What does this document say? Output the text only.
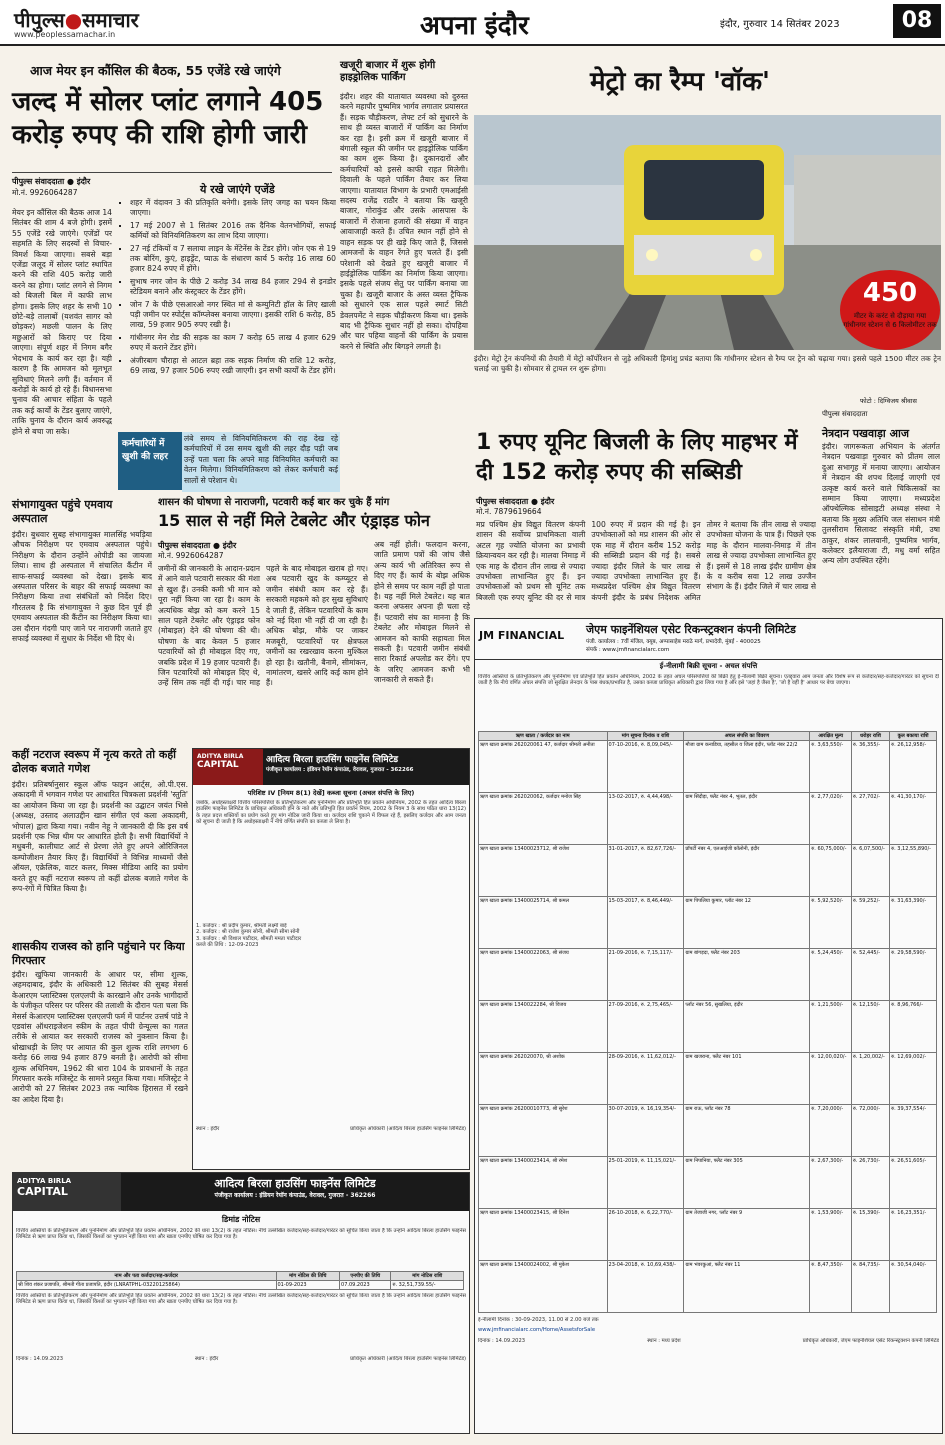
पीपुल्स●समाचार
www.peoplessamachar.in	अपना इंदौर	इंदौर, गुरुवार 14 सितंबर 2023	08
आज मेयर इन कौंसिल की बैठक, 55 एजेंडे रखे जाएंगे
जल्द में सोलर प्लांट लगाने 405 करोड़ रुपए की राशि होगी जारी
पीपुल्स संवाददाता ● इंदौर
मो.नं. 9926064287
मेयर इन कौंसिल की बैठक आज 14 सितंबर की शाम 4 बजे होगी। इसमें 55 एजेंडे रखे जाएंगे। एजेंडों पर सहमति के लिए सदस्यों से विचार-विमर्श किया जाएगा। सबसे बड़ा एजेंडा जलूद में सोलर प्लांट स्थापित करने की राशि 405 करोड़ जारी करने का होगा। प्लांट लगने से निगम को बिजली बिल में काफी लाभ होगा। इसके लिए शहर के सभी 10 छोटे-बड़े तालाबों (यशवंत सागर को छोड़कर) मछली पालन के लिए मछुआरों को किराए पर दिया जाएगा। संपूर्ण शहर में निगम बगैर भेदभाव के कार्य कर रहा है। यही कारण है कि आमजन को मूलभूत सुविधाएं मिलने लगी हैं। वर्तमान में करोड़ों के कार्य हो रहे हैं। विधानसभा चुनाव की आचार संहिता के पहले तक कई कार्यों के टेंडर बुलाए जाएंगे, ताकि चुनाव के दौरान कार्य अवरुद्ध होने से बचा जा सके।
ये रखे जाएंगे एजेंडे
▪ शहर में वंदावन 3 की प्रतिकृति बनेगी। इसके लिए जगह का चयन किया जाएगा।
▪ 17 मई 2007 से 1 सितंबर 2016 तक दैनिक वेतनभोगियों, सफाई कर्मियों को विनियमितिकरण का लाभ दिया जाएगा।
▪ 27 नई टंकियों व 7 सलाया लाइन के मेंटेनेंस के टेंडर होंगे। जोन एक से 19 तक बोरिंग, कुएं, हाइड्रेंट, प्याऊ के संधारण कार्य 5 करोड़ 16 लाख 60 हजार 824 रुपए में होंगे।
▪ सुभाष नगर जोन के पीछे 2 करोड़ 34 लाख 84 हजार 294 से इनडोर स्टेडियम बनाने और कंस्ट्रक्टर के टेंडर होंगे।
▪ जोन 7 के पीछे एसआरओ नगर स्थित मां से कम्युनिटी हॉल के लिए खाली पड़ी जमीन पर स्पोर्ट्स कॉम्प्लेक्स बनाया जाएगा। इसकी राशि 6 करोड़, 85 लाख, 59 हजार 905 रुपए रखी है।
▪ गांधीनगर मेन रोड की सड़क का काम 7 करोड़ 65 लाख 4 हजार 629 रुपए में कराने टेंडर होंगे।
▪ अंजीरबाग चौराहा से आटल ब्रहा तक सड़क निर्माण की राशि 12 करोड़, 69 लाख, 97 हजार 506 रुपए रखी जाएगी। इन सभी कार्यों के टेंडर होंगे।
कर्मचारियों में खुशी की लहर
लंबे समय से विनियमितिकरण की राह देख रहे कर्मचारियों में उस समय खुशी की लहर दौड़ पड़ी जब उन्हें पता चला कि अपने माह विनियमित कर्मचारी का वेतन मिलेगा। विनियमितिकरण को लेकर कर्मचारी कई सालों से परेशान थे।
खजूरी बाजार में शुरू होगी हाइड्रोलिक पार्किंग
इंदौर। शहर की यातायात व्यवस्था को दुरुस्त करने महापौर पुष्यमित्र भार्गव लगातार प्रयासरत हैं। सड़क चौड़ीकरण, लेफ्ट टर्न को सुधारने के साथ ही व्यस्त बाजारों में पार्किंग का निर्माण कर रहा है। इसी क्रम में खजूरी बाजार में बंगाली स्कूल की जमीन पर हाइड्रोलिक पार्किंग का काम शुरू किया है। दुकानदारों और कर्मचारियों को इससे काफी राहत मिलेगी। दिवाली के पहले पार्किंग तैयार कर लिया जाएगा। यातायात विभाग के प्रभारी एमआईसी सदस्य राजेंद्र राठौर ने बताया कि खजूरी बाजार, गोराकुंड और उसके आसपास के बाजारों में रोजाना हजारों की संख्या में वाहन आवाजाही करते हैं। उचित स्थान नहीं होने से वाहन सड़क पर ही खड़े किए जाते हैं, जिससे आमजनों के वाहन रेंगते हुए चलते हैं। इसी परेशानी को देखते हुए खजूरी बाजार में हाईड्रोलिक पार्किंग का निर्माण किया जाएगा। इसके पहले संजय सेतु पर पार्किंग बनाया जा चुका है। खजूरी बाजार के अस्त व्यस्त ट्रैफिक को सुधारने एक साल पहले स्मार्ट सिटी डेवलपमेंट ने सड़क चौड़ीकरण किया था। इसके बाद भी ट्रैफिक सुधार नहीं हो सका। दोपहिया और चार पहिया वाहनों की पार्किंग के प्रयास करने से स्थिति और बिगड़ने लगती है।
मेट्रो का रैम्प 'वॉक'
450
मीटर के करंट से दौड़ाया गया गांधीनगर स्टेशन से 6 किलोमीटर तक
इंदौर। मेट्रो ट्रेन कंपनियों की तैयारी में मेट्रो कॉर्पोरेशन से जुड़े अधिकारी हिमांशु प्रचंड बताया कि गांधीनगर स्टेशन से रैम्प पर ट्रेन को चढ़ाया गया। इससे पहले 1500 मीटर तक ट्रेन चलाई जा चुकी है। सोमवार से ट्रायल रन शुरू होगा।
फोटो : दिग्विजय श्रीवास
1 रुपए यूनिट बिजली के लिए माहभर में दी 152 करोड़ रुपए की सब्सिडी
पीपुल्स संवाददाता ● इंदौर
मो.नं. 7879619664
मप्र पश्चिम क्षेत्र विद्युत वितरण कंपनी शासन की सर्वोच्च प्राथमिकता वाली अटल गृह ज्योति योजना का प्रभावी क्रियान्वयन कर रही है। मालवा निमाड़ में एक माह के दौरान तीन लाख से ज्यादा उपभोक्ता लाभान्वित हुए हैं। इन उपभोक्ताओं को प्रथम सौ यूनिट तक बिजली एक रुपए यूनिट की दर से मात्र 100 रुपए में प्रदान की गई है। इन उपभोक्ताओं को मप्र शासन की ओर से एक माह में दौरान करीब 152 करोड़ की सब्सिडी प्रदान की गई है। सबसे ज्यादा इंदौर जिले के चार लाख से ज्यादा उपभोक्ता लाभान्वित हुए हैं। मध्यप्रदेश पश्चिम क्षेत्र विद्युत वितरण कंपनी इंदौर के प्रबंध निदेशक अमित तोमर ने बताया कि तीन लाख से ज्यादा उपभोक्ता योजना के पात्र हैं। पिछले एक माह के दौरान मालवा-निमाड़ में तीन लाख से ज्यादा उपभोक्ता लाभान्वित हुए हैं। इसमें से 18 लाख इंदौर ग्रामीण क्षेत्र के व करीब सवा 12 लाख उज्जैन संभाग के हैं। इंदौर जिले में चार लाख से
पीपुल्स संवाददाता
नेत्रदान पखवाड़ा आज
इंदौर। जागरूकता अभियान के अंतर्गत नेत्रदान पखवाड़ा गुरुवार को प्रीतम लाल दुआ सभागृह में मनाया जाएगा। आयोजन में नेत्रदान की शपथ दिलाई जाएगी एवं उत्कृष्ट कार्य करने वाले चिकित्सकों का सम्मान किया जाएगा। मध्यप्रदेश ऑफ्थेल्मिक सोसाइटी अध्यक्ष संस्था ने बताया कि मुख्य अतिथि जल संसाधन मंत्री तुलसीराम सिलावट संस्कृति मंत्री, उषा ठाकुर, शंकर लालवानी, पुष्यमित्र भार्गव, कलेक्टर इलैयाराजा टी, मधु वर्मा सहित अन्य लोग उपस्थित रहेंगे।
संभागायुक्त पहुंचे एमवाय अस्पताल
इंदौर। बुधवार सुबह संभागायुक्त मालसिंह भयड़िया औचक निरीक्षण पर एमवाय अस्पताल पहुंचे। निरीक्षण के दौरान उन्होंने ओपीडी का जायजा लिया। साथ ही अस्पताल में संचालित कैंटीन में साफ-सफाई व्यवस्था को देखा। इसके बाद अस्पताल परिसर के बाहर की सफाई व्यवस्था का निरीक्षण किया तथा संबंधितों को निर्देश दिए। गौरतलब है कि संभागायुक्त ने कुछ दिन पूर्व ही एमवाय अस्पताल की कैंटीन का निरीक्षण किया था। उस दौरान गंदगी पाए जाने पर नाराजगी जताते हुए सफाई व्यवस्था में सुधार के निर्देश भी दिए थे।
शासन की घोषणा से नाराजगी, पटवारी कई बार कर चुके हैं मांग
15 साल से नहीं मिले टेबलेट और एंड्राइड फोन
पीपुल्स संवाददाता ● इंदौर
मो.नं. 9926064287
जमीनों की जानकारी के आदान-प्रदान में आने वाले पटवारी सरकार की मंशा से खुश हैं। उनकी कमी भी मान को पूरा नहीं किया जा रहा है। काम के अत्यधिक बोझ को कम करने 15 साल पहले टेबलेट और एंड्राइड फोन (मोबाइल) देने की घोषणा की थी। घोषणा के बाद केवल 5 हजार पटवारियों को ही मोबाइल दिए गए, जबकि प्रदेश में 19 हजार पटवारी हैं। जिन पटवारियों को मोबाइल दिए थे, उन्हें सिम तक नहीं दी गई। चार माह पहले के बाद मोबाइल खराब हो गए। अब पटवारी खुद के कम्प्यूटर से जमीन संबंधी काम कर रहे हैं। सरकारी महकमे को हर सुख सुविधाएं दे जाती हैं, लेकिन पटवारियों के काम को नई दिशा भी नहीं दी जा रही है। अधिक बोझ, मौके पर जाकर मजबूरी, पटवारियों पर क्षेत्रफल जमीनों का रखरखाव करना मुश्किल हो रहा है। खतौनी, बैनामे, सीमांकन, नामांतरण, खसरे आदि कई काम होने हैं।
अब नहीं होती। फलदान करना, जाति प्रमाण पत्रों की जांच जैसे अन्य कार्य भी अतिरिक्त रूप से दिए गए हैं। कार्य के बोझ अधिक होने से समय पर काम नहीं हो पाता है। यह नहीं मिले टेबलेट। यह बात करना अफसर अपना ही चला रहे हैं। पटवारी संघ का मानना है कि टेबलेट और मोबाइल मिलने से आमजन को काफी सहायता मिल सकती है। पटवारी जमीन संबंधी सारा रिकार्ड अपलोड कर देंगे। एप के जरिए आमजन कभी भी जानकारी ले सकते हैं।
कहीं नटराज स्वरूप में नृत्य करते तो कहीं ढोलक बजाते गणेश
इंदौर। प्रतिबर्षानुसार स्कूल ऑफ फाइन आर्ट्स, ओ.पी.एस. अकादमी में भगवान गणेश पर आधारित चित्रकला प्रदर्शनी 'स्तुति' का आयोजन किया जा रहा है। प्रदर्शनी का उद्घाटन जयंत भिसे (अध्यक्ष, उस्ताद अलाउद्दीन खान संगीत एवं कला अकादमी, भोपाल) द्वारा किया गया। नवीन नेहू ने जानकारी दी कि इस वर्ष प्रदर्शनी एक भिन्न थीम पर आधारित होती है। सभी विद्यार्थियों ने मधुबनी, कालीघाट आर्ट से प्रेरणा लेते हुए अपने ओरिजिनल कम्पोजीशन तैयार किए हैं। विद्यार्थियों ने विभिन्न माध्यमों जैसे ऑयल, एक्रेलिक, वाटर कलर, मिक्स मीडिया आदि का प्रयोग करते हुए कहीं नटराज स्वरूप तो कहीं ढोलक बजाते गणेश के रूप-रंगों में चित्रित किया है।
शासकीय राजस्व को हानि पहुंचाने पर किया गिरफ्तार
इंदौर। खुफिया जानकारी के आधार पर, सीमा शुल्क, अहमदाबाद, इंदौर के अधिकारी 12 सितंबर की सुबह मेसर्स केआरएम प्लास्टिक्स एलएलपी के कारखाने और उनके भागीदारों के पंजीकृत परिसर पर परिसर की तलाशी के दौरान पता चला कि मेसर्स केआरएम प्लास्टिक्स एलएलपी फर्म में पार्टनर उत्तर्ष पांडे ने एडवांस ऑथराइजेशन स्कीम के तहत पीपी ग्रेन्यूल्स का गलत तरीके से आयात कर सरकारी राजस्व को नुकसान किया है। धोखाधड़ी के लिए पर आयात की कुल शुल्क राशि लगभग 6 करोड़ 66 लाख 94 हजार 879 बनती है। आरोपी को सीमा शुल्क अधिनियम, 1962 की धारा 104 के प्रावधानों के तहत गिरफ्तार करके मजिस्ट्रेट के सामने प्रस्तुत किया गया। मजिस्ट्रेट ने आरोपी को 27 सितंबर 2023 तक न्यायिक हिरासत में रखने का आदेश दिया है।
ADITYA BIRLA
CAPITAL	आदित्य बिरला हाउसिंग फाइनेंस लिमिटेड
पंजीकृत कार्यालय : इंडियन रेयॉन कंपाउंड, वेरावल, गुजरात - 362266
परिशिष्ट IV [नियम 8(1) देखें] कब्जा सूचना (अचल संपत्ति के लिए)
जबकि, अधोहस्ताक्षरी वित्तीय परिसंपत्तियों के प्रतिभूतिकरण और पुनर्निर्माण और प्रतिभूति हित प्रवर्तन अधिनियम, 2002 के तहत आदित्य बिरला हाउसिंग फाइनेंस लिमिटेड के प्राधिकृत अधिकारी होने के नाते और प्रतिभूति हित प्रवर्तन नियम, 2002 के नियम 3 के साथ पठित धारा 13(12) के तहत प्रदत्त शक्तियों का प्रयोग करते हुए मांग नोटिस जारी किया था। कर्जदार राशि चुकाने में विफल रहे हैं, इसलिए कर्जदार और आम जनता को सूचना दी जाती है कि अधोहस्ताक्षरी ने नीचे वर्णित संपत्ति का कब्जा ले लिया है।
1. कर्जदार : श्री प्रदीप कुमार, श्रीमती लक्ष्मी बाई
2. कर्जदार : श्री राजेश कुमार सोनी, श्रीमती सीमा सोनी
3. कर्जदार : श्री विशाल पाटीदार, श्रीमती ममता पाटीदार
कब्जे की तिथि : 12-09-2023
स्थान : इंदौर	प्राधिकृत अधिकारी (आदित्य बिरला हाउसिंग फाइनेंस लिमिटेड)
ADITYA BIRLA
CAPITAL
आदित्य बिरला हाउसिंग फाइनेंस लिमिटेड
पंजीकृत कार्यालय : इंडियन रेयॉन कंपाउंड, वेरावल, गुजरात - 362266
डिमांड नोटिस
वित्तीय आस्तियों के प्रतिभूतिकरण और पुनर्निर्माण और प्रतिभूति हित प्रवर्तन अधिनियम, 2002 की धारा 13(2) के तहत नोटिस। नीचे उल्लेखित कर्जदार/सह-कर्जदार/गारंटर को सूचित किया जाता है कि उन्होंने आदित्य बिरला हाउसिंग फाइनेंस लिमिटेड से ऋण प्राप्त किया था, जिसकी किश्तों का भुगतान नहीं किया गया और खाता एनपीए घोषित कर दिया गया है।
नाम और पता कर्जदार/सह-कर्जदार	मांग नोटिस की तिथि	एनपीए की तिथि	मांग नोटिस राशि
श्री शिव शंकर प्रजापति, श्रीमती गीता प्रजापति, इंदौर (LNRATPHL-03220125864)	01-09-2023	07.09.2023	रु. 32,51,739.55/-
वित्तीय आस्तियों के प्रतिभूतिकरण और पुनर्निर्माण और प्रतिभूति हित प्रवर्तन अधिनियम, 2002 की धारा 13(2) के तहत नोटिस। नीचे उल्लेखित कर्जदार/सह-कर्जदार/गारंटर को सूचित किया जाता है कि उन्होंने आदित्य बिरला हाउसिंग फाइनेंस लिमिटेड से ऋण प्राप्त किया था, जिसकी किश्तों का भुगतान नहीं किया गया और खाता एनपीए घोषित कर दिया गया है।
दिनांक : 14.09.2023	स्थान : इंदौर	प्राधिकृत अधिकारी (आदित्य बिरला हाउसिंग फाइनेंस लिमिटेड)
JM FINANCIAL	जेएम फाइनेंशियल एसेट रिकन्स्ट्रक्शन कंपनी लिमिटेड
पंजी. कार्यालय : 7वीं मंजिल, क्यूब, अप्पासाहेब मराठे मार्ग, प्रभादेवी, मुंबई - 400025
संपर्क : www.jmfinancialarc.com
ई-नीलामी बिक्री सूचना - अचल संपत्ति
वित्तीय आस्तियों के प्रतिभूतिकरण और पुनर्निर्माण एवं प्रतिभूति हित प्रवर्तन अधिनियम, 2002 के तहत अचल परिसंपत्तियों की बिक्री हेतु ई-नीलामी बिक्री सूचना। एतद्द्वारा आम जनता और विशेष रूप से कर्जदार/सह-कर्जदार/गारंटर को सूचना दी जाती है कि नीचे वर्णित अचल संपत्ति जो सुरक्षित लेनदार के पास बंधक/प्रभारित है, उसका कब्जा प्राधिकृत अधिकारी द्वारा लिया गया है और इसे 'जहां है जैसा है', 'जो है वहीं है' आधार पर बेचा जाएगा।
ऋण खाता / कर्जदार का नाम	मांग सूचना दिनांक व राशि	अचल संपत्ति का विवरण	आरक्षित मूल्य	धरोहर राशि	कुल बकाया राशि
ऋण खाता क्रमांक 262020061 47, कर्जदार श्रीमती अनीता	07-10-2016, रु. 8,09,045/-	मौजा ग्राम कनाडिया, तहसील व जिला इंदौर, प्लॉट नंबर 22/2	रु. 3,63,550/-	रु. 36,355/-	रु. 26,12,958/-
ऋण खाता क्रमांक 262020062, कर्जदार मनोज सिंह	13-02-2017, रु. 4,44,498/-	ग्राम सिंदौड़ा, फ्लैट नंबर 4, भूतल, इंदौर	रु. 2,77,020/-	रु. 27,702/-	रु. 41,30,170/-
ऋण खाता क्रमांक 13400023712, श्री राजेश	31-01-2017, रु. 82,67,726/-	प्रॉपर्टी नंबर 4, एलआईजी कॉलोनी, इंदौर	रु. 60,75,000/-	रु. 6,07,500/-	रु. 3,12,55,890/-
ऋण खाता क्रमांक 13400025714, श्री कमल	15-03-2017, रु. 8,46,449/-	ग्राम पिपलिया कुमार, प्लॉट नंबर 12	रु. 5,92,520/-	रु. 59,252/-	रु. 31,63,390/-
ऋण खाता क्रमांक 13400022063, श्री संजय	21-09-2016, रु. 7,15,117/-	ग्राम बांगड़दा, फ्लैट नंबर 203	रु. 5,24,450/-	रु. 52,445/-	रु. 29,58,590/-
ऋण खाता क्रमांक 1340022284, श्री विजय	27-09-2016, रु. 2,75,465/-	प्लॉट नंबर 56, सुखलिया, इंदौर	रु. 1,21,500/-	रु. 12,150/-	रु. 8,96,766/-
ऋण खाता क्रमांक 262020070, श्री अशोक	28-09-2016, रु. 11,62,012/-	ग्राम खजराना, फ्लैट नंबर 101	रु. 12,00,020/-	रु. 1,20,002/-	रु. 12,69,002/-
ऋण खाता क्रमांक 26200010773, श्री सुरेश	30-07-2019, रु. 16,19,354/-	ग्राम राऊ, प्लॉट नंबर 78	रु. 7,20,000/-	रु. 72,000/-	रु. 39,37,554/-
ऋण खाता क्रमांक 13400023414, श्री रमेश	25-01-2019, रु. 11,15,021/-	ग्राम निपानिया, फ्लैट नंबर 305	रु. 2,67,300/-	रु. 26,730/-	रु. 26,51,605/-
ऋण खाता क्रमांक 13400023415, श्री दिनेश	26-10-2018, रु. 6,22,770/-	ग्राम तेजाजी नगर, प्लॉट नंबर 9	रु. 1,53,900/-	रु. 15,390/-	रु. 16,23,351/-
ऋण खाता क्रमांक 13400024002, श्री मुकेश	23-04-2018, रु. 10,69,438/-	ग्राम भंवरकुआं, फ्लैट नंबर 11	रु. 8,47,350/-	रु. 84,735/-	रु. 30,54,040/-
ई-नीलामी दिनांक : 30-09-2023, 11.00 से 2.00 बजे तक
www.jmfinancialarc.com/Home/AssetsforSale
दिनांक : 14.09.2023	स्थान : मध्य प्रदेश	प्राधिकृत अधिकारी, जेएम फाइनेंशियल एसेट रिकन्स्ट्रक्शन कंपनी लिमिटेड
